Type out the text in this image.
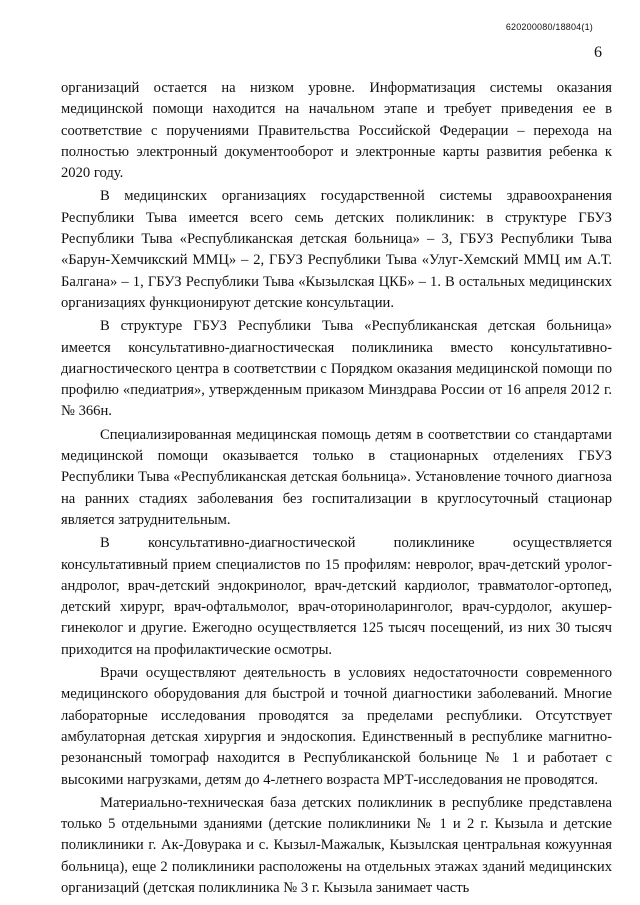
620200080/18804(1)
6

организаций остается на низком уровне. Информатизация системы оказания медицинской помощи находится на начальном этапе и требует приведения ее в соответствие с поручениями Правительства Российской Федерации – перехода на полностью электронный документооборот и электронные карты развития ребенка к 2020 году.

В медицинских организациях государственной системы здравоохранения Республики Тыва имеется всего семь детских поликлиник: в структуре ГБУЗ Республики Тыва «Республиканская детская больница» – 3, ГБУЗ Республики Тыва «Барун-Хемчикский ММЦ» – 2, ГБУЗ Республики Тыва «Улуг-Хемский ММЦ им А.Т. Балгана» – 1, ГБУЗ Республики Тыва «Кызылская ЦКБ» – 1. В остальных медицинских организациях функционируют детские консультации.

В структуре ГБУЗ Республики Тыва «Республиканская детская больница» имеется консультативно-диагностическая поликлиника вместо консультативно-диагностического центра в соответствии с Порядком оказания медицинской помощи по профилю «педиатрия», утвержденным приказом Минздрава России от 16 апреля 2012 г. № 366н.

Специализированная медицинская помощь детям в соответствии со стандартами медицинской помощи оказывается только в стационарных отделениях ГБУЗ Республики Тыва «Республиканская детская больница». Установление точного диагноза на ранних стадиях заболевания без госпитализации в круглосуточный стационар является затруднительным.

В консультативно-диагностической поликлинике осуществляется консультативный прием специалистов по 15 профилям: невролог, врач-детский уролог-андролог, врач-детский эндокринолог, врач-детский кардиолог, травматолог-ортопед, детский хирург, врач-офтальмолог, врач-оториноларинголог, врач-сурдолог, акушер-гинеколог и другие. Ежегодно осуществляется 125 тысяч посещений, из них 30 тысяч приходится на профилактические осмотры.

Врачи осуществляют деятельность в условиях недостаточности современного медицинского оборудования для быстрой и точной диагностики заболеваний. Многие лабораторные исследования проводятся за пределами республики. Отсутствует амбулаторная детская хирургия и эндоскопия. Единственный в республике магнитно-резонансный томограф находится в Республиканской больнице № 1 и работает с высокими нагрузками, детям до 4-летнего возраста МРТ-исследования не проводятся.

Материально-техническая база детских поликлиник в республике представлена только 5 отдельными зданиями (детские поликлиники № 1 и 2 г. Кызыла и детские поликлиники г. Ак-Довурака и с. Кызыл-Мажалык, Кызылская центральная кожуунная больница), еще 2 поликлиники расположены на отдельных этажах зданий медицинских организаций (детская поликлиника № 3 г. Кызыла занимает часть
